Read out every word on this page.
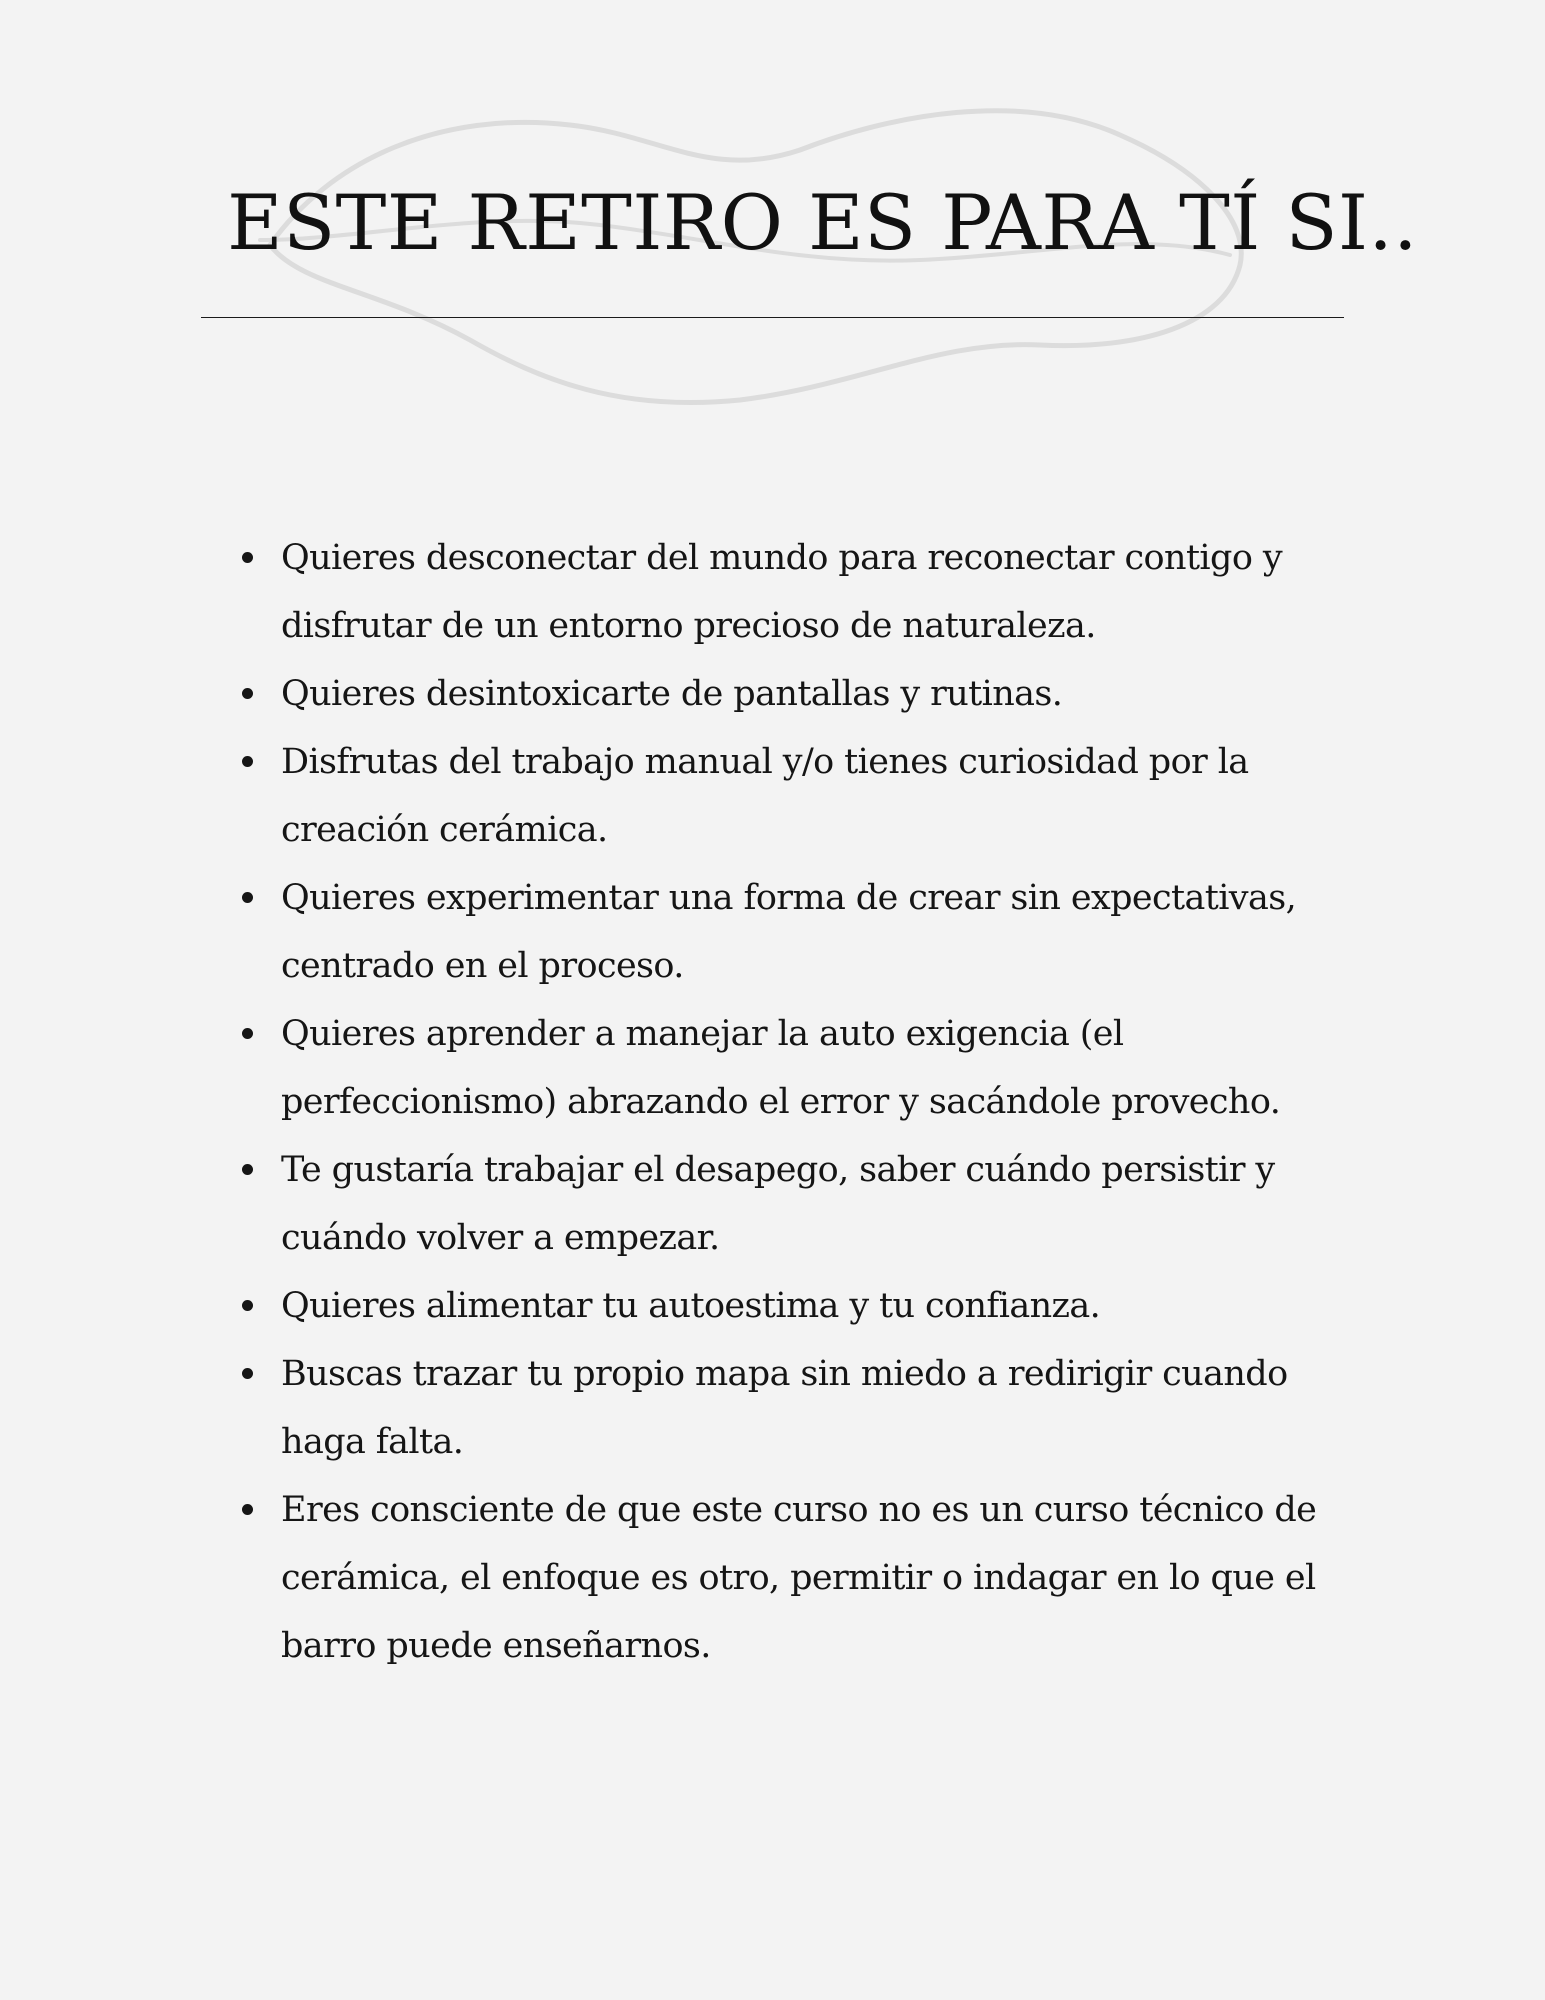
ESTE RETIRO ES PARA TÍ SI..
Quieres desconectar del mundo para reconectar contigo y disfrutar de un entorno precioso de naturaleza.
Quieres desintoxicarte de pantallas y rutinas.
Disfrutas del trabajo manual y/o tienes curiosidad por la creación cerámica.
Quieres experimentar una forma de crear sin expectativas, centrado en el proceso.
Quieres aprender a manejar la auto exigencia (el perfeccionismo) abrazando el error y sacándole provecho.
Te gustaría trabajar el desapego, saber cuándo persistir y cuándo volver a empezar.
Quieres alimentar tu autoestima y tu confianza.
Buscas trazar tu propio mapa sin miedo a redirigir cuando haga falta.
Eres consciente de que este curso no es un curso técnico de cerámica, el enfoque es otro, permitir o indagar en lo que el barro puede enseñarnos.
